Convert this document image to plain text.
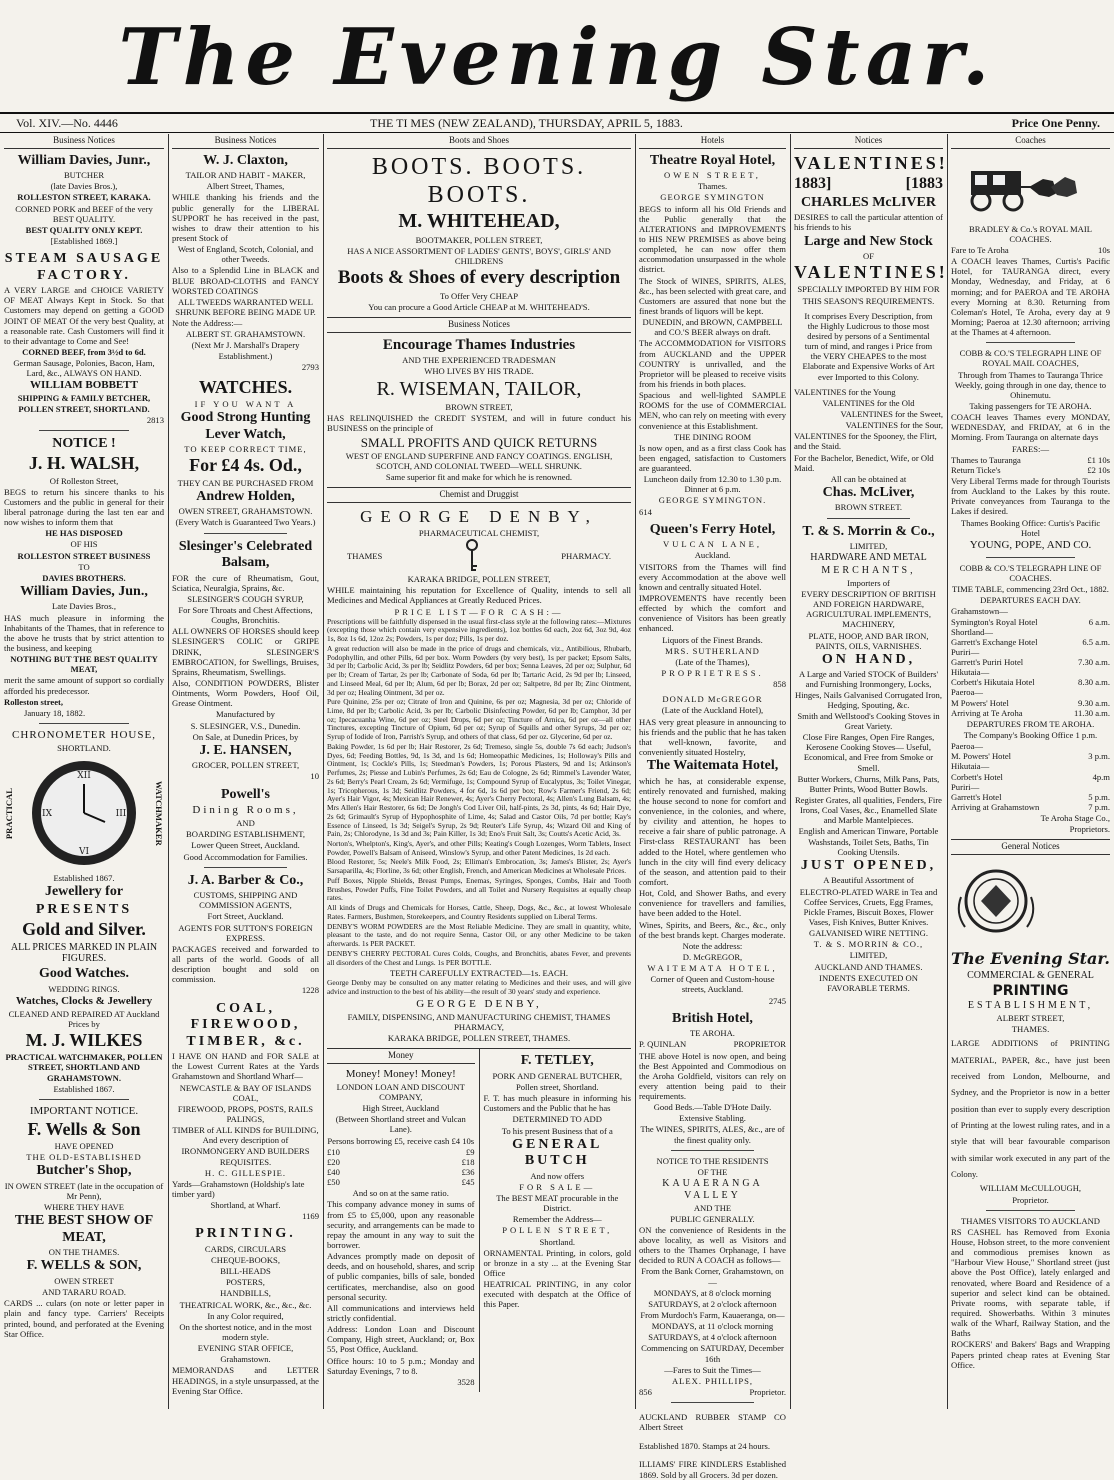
The Evening Star.
Vol. XIV.—No. 4446	THE TI MES (NEW ZEALAND), THURSDAY, APRIL 5, 1883.	Price One Penny.
Business Notices

William Davies, Junr.,

BUTCHER

(late Davies Bros.),

ROLLESTON STREET, KARAKA.

CORNED PORK and BEEF of the very BEST QUALITY.

BEST QUALITY ONLY KEPT.

[Established 1869.]

STEAM SAUSAGE FACTORY.

A VERY LARGE and CHOICE VARIETY OF MEAT Always Kept in Stock. So that Customers may depend on getting a GOOD JOINT OF MEAT Of the very best Quality, at a reasonable rate. Cash Customers will find it to their advantage to Come and See!

CORNED BEEF, from 3½d to 6d.

German Sausage, Polonies, Bacon, Ham, Lard, &c., ALWAYS ON HAND.

WILLIAM BOBBETT

SHIPPING & FAMILY BETCHER, POLLEN STREET, SHORTLAND.

2813

NOTICE !

J. H. WALSH,

Of Rolleston Street,

BEGS to return his sincere thanks to his Customers and the public in general for their liberal patronage during the last ten ear and now wishes to inform them that

HE HAS DISPOSED

OF HIS

ROLLESTON STREET BUSINESS

TO

DAVIES BROTHERS.

William Davies, Jun.,

Late Davies Bros.,

HAS much pleasure in informing the Inhabitants of the Thames, that in reference to the above he trusts that by strict attention to the business, and keeping

NOTHING BUT THE BEST QUALITY MEAT,

merit the same amount of support so cordially afforded his predecessor.

Rolleston street,

January 18, 1882.

CHRONOMETER HOUSE,

SHORTLAND.

PRACTICAL
XII
III
VI
IX	WATCHMAKER

Established 1867.

Jewellery for

PRESENTS

Gold and Silver.

ALL PRICES MARKED IN PLAIN FIGURES.

Good Watches.

WEDDING RINGS.

Watches, Clocks & Jewellery

CLEANED AND REPAIRED AT Auckland Prices by

M. J. WILKES

PRACTICAL WATCHMAKER, POLLEN STREET, SHORTLAND AND GRAHAMSTOWN.

Established 1867.

IMPORTANT NOTICE.

F. Wells & Son

HAVE OPENED

THE OLD-ESTABLISHED

Butcher's Shop,

IN OWEN STREET (late in the occupation of Mr Penn),

WHERE THEY HAVE

THE BEST SHOW OF MEAT,

ON THE THAMES.

F. WELLS & SON,

OWEN STREET

AND TARARU ROAD.

CARDS ... culars (on note or letter paper in plain and fancy type. Carriers' Receipts printed, bound, and perforated at the Evening Star Office.

Business Notices

W. J. Claxton,

TAILOR AND HABIT - MAKER,

Albert Street, Thames,

WHILE thanking his friends and the public generally for the LIBERAL SUPPORT he has received in the past, wishes to draw their attention to his present Stock of

West of England, Scotch, Colonial, and other Tweeds.

Also to a Splendid Line in BLACK and BLUE BROAD-CLOTHS and FANCY WORSTED COATINGS

ALL TWEEDS WARRANTED WELL SHRUNK BEFORE BEING MADE UP.

Note the Address:—

ALBERT ST. GRAHAMSTOWN.

(Next Mr J. Marshall's Drapery Establishment.)

2793

WATCHES.

IF YOU WANT A

Good Strong Hunting Lever Watch,

TO KEEP CORRECT TIME,

For £4 4s. Od.,

THEY CAN BE PURCHASED FROM

Andrew Holden,

OWEN STREET, GRAHAMSTOWN.

(Every Watch is Guaranteed Two Years.)

Slesinger's Celebrated Balsam,

FOR the cure of Rheumatism, Gout, Sciatica, Neuralgia, Sprains, &c.

SLESINGER'S COUGH SYRUP,

For Sore Throats and Chest Affections, Coughs, Bronchitis.

ALL OWNERS OF HORSES should keep SLESINGER'S COLIC or GRIPE DRINK, SLESINGER'S EMBROCATION, for Swellings, Bruises, Sprains, Rheumatism, Swellings.

Also, CONDITION POWDERS, Blister Ointments, Worm Powders, Hoof Oil, Grease Ointment.

Manufactured by

S. SLESINGER, V.S., Dunedin.

On Sale, at Dunedin Prices, by

J. E. HANSEN,

GROCER, POLLEN STREET,

10

Powell's

Dining Rooms,

AND

BOARDING ESTABLISHMENT,

Lower Queen Street, Auckland.

Good Accommodation for Families.

J. A. Barber & Co.,

CUSTOMS, SHIPPING AND COMMISSION AGENTS,

Fort Street, Auckland.

AGENTS FOR SUTTON'S FOREIGN EXPRESS.

PACKAGES received and forwarded to all parts of the world. Goods of all description bought and sold on commission.

1228

COAL, FIREWOOD, TIMBER, &c.

I HAVE ON HAND and FOR SALE at the Lowest Current Rates at the Yards Grahamstown and Shortland Wharf—

NEWCASTLE & BAY OF ISLANDS COAL,

FIREWOOD, PROPS, POSTS, RAILS PALINGS,

TIMBER of ALL KINDS for BUILDING, And every description of

IRONMONGERY AND BUILDERS REQUISITES.

H. C. GILLESPIE.

Yards—Grahamstown (Holdship's late timber yard)

Shortland, at Wharf.

1169

PRINTING.

CARDS, CIRCULARS

CHEQUE-BOOKS,

BILL-HEADS

POSTERS,

HANDBILLS,

THEATRICAL WORK, &c., &c., &c.

In any Color required,

On the shortest notice, and in the most modern style.

EVENING STAR OFFICE,

Grahamstown.

MEMORANDAS and LETTER HEADINGS, in a style unsurpassed, at the Evening Star Office.

Boots and Shoes

BOOTS. BOOTS. BOOTS.

M. WHITEHEAD,

BOOTMAKER, POLLEN STREET,

HAS A NICE ASSORTMENT OF LADIES' GENTS', BOYS', GIRLS' AND CHILDRENS

Boots & Shoes of every description

To Offer Very CHEAP

You can procure a Good Article CHEAP at M. WHITEHEAD'S.

Business Notices

Encourage Thames Industries

AND THE EXPERIENCED TRADESMAN

WHO LIVES BY HIS TRADE.

R. WISEMAN, TAILOR,

BROWN STREET,

HAS RELINQUISHED the CREDIT SYSTEM, and will in future conduct his BUSINESS on the principle of

SMALL PROFITS AND QUICK RETURNS

WEST OF ENGLAND SUPERFINE AND FANCY COATINGS. ENGLISH, SCOTCH, AND COLONIAL TWEED—WELL SHRUNK.

Same superior fit and make for which he is renowned.

Chemist and Druggist

GEORGE DENBY,

PHARMACEUTICAL CHEMIST,

THAMES	PHARMACY.

KARAKA BRIDGE, POLLEN STREET,

WHILE maintaining his reputation for Excellence of Quality, intends to sell all Medicines and Medical Appliances at Greatly Reduced Prices.

PRICE LIST—FOR CASH:—

Prescriptions will be faithfully dispensed in the usual first-class style at the following rates:—Mixtures (excepting those which contain very expensive ingredients), 1oz bottles 6d each, 2oz 6d, 3oz 9d, 4oz 1s, 8oz 1s 6d, 12oz 2s; Powders, 1s per doz; Pills, 1s per doz.

A great reduction will also be made in the price of drugs and chemicals, viz., Antibilious, Rhubarb, Podophyllin, and other Pills, 6d per box. Worm Powders (by very best), 1s per packet; Epsom Salts, 3d per lb; Carbolic Acid, 3s per lb; Seidlitz Powders, 6d per box; Senna Leaves, 2d per oz; Sulphur, 6d per lb; Cream of Tartar, 2s per lb; Carbonate of Soda, 6d per lb; Tartaric Acid, 2s 9d per lb; Linseed, and Linseed Meal, 6d per lb; Alum, 6d per lb; Borax, 2d per oz; Saltpetre, 8d per lb; Zinc Ointment, 3d per oz; Healing Ointment, 3d per oz.

Pure Quinine, 25s per oz; Citrate of Iron and Quinine, 6s per oz; Magnesia, 3d per oz; Chloride of Lime, 8d per lb; Carbolic Acid, 3s per lb; Carbolic Disinfecting Powder, 6d per lb; Camphor, 3d per oz; Ipecacuanha Wine, 6d per oz; Steel Drops, 6d per oz; Tincture of Arnica, 6d per oz—all other Tinctures, excepting Tincture of Opium, 6d per oz; Syrup of Squills and other Syrups, 3d per oz; Syrup of Iodide of Iron, Parrish's Syrup, and others of that class, 6d per oz. Glycerine, 6d per oz.

Baking Powder, 1s 6d per lb; Hair Restorer, 2s 6d; Tremeso, single 5s, double 7s 6d each; Judson's Dyes, 6d; Feeding Bottles, 9d, 1s 3d, and 1s 6d; Homeopathic Medicines, 1s; Holloway's Pills and Ointment, 1s; Cockle's Pills, 1s; Steedman's Powders, 1s; Porous Plasters, 9d and 1s; Atkinson's Perfumes, 2s; Piesse and Lubin's Perfumes, 2s 6d; Eau de Cologne, 2s 6d; Rimmel's Lavender Water, 2s 6d; Berry's Pearl Cream, 2s 6d; Vermifuge, 1s; Compound Syrup of Eucalyptus, 3s; Toilet Vinegar, 1s; Tricopherous, 1s 3d; Seidlitz Powders, 4 for 6d, 1s 6d per box; Row's Farmer's Friend, 2s 6d; Ayer's Hair Vigor, 4s; Mexican Hair Renewer, 4s; Ayer's Cherry Pectoral, 4s; Allen's Lung Balsam, 4s; Mrs Allen's Hair Restorer, 6s 6d; De Jongh's Cod Liver Oil, half-pints, 2s 3d, pints, 4s 6d; Hair Dye, 2s 6d; Grimault's Syrup of Hypophosphite of Lime, 4s; Salad and Castor Oils, 7d per bottle; Kay's Essence of Linseed, 1s 3d; Seigel's Syrup, 2s 9d; Reuter's Life Syrup, 4s; Wizard Oil and King of Pain, 2s; Chlorodyne, 1s 3d and 3s; Pain Killer, 1s 3d; Eno's Fruit Salt, 3s; Coutts's Acetic Acid, 3s.

Norton's, Whelpton's, King's, Ayer's, and other Pills; Keating's Cough Lozenges, Worm Tablets, Insect Powder, Powell's Balsam of Aniseed, Winslow's Syrup, and other Patent Medicines, 1s 2d each.

Blood Restorer, 5s; Neele's Milk Food, 2s; Elliman's Embrocation, 3s; James's Blister, 2s; Ayer's Sarsaparilla, 4s; Florline, 3s 6d; other English, French, and American Medicines at Wholesale Prices.

Puff Boxes, Nipple Shields, Breast Pumps, Enemas, Syringes, Sponges, Combs, Hair and Tooth Brushes, Powder Puffs, Fine Toilet Powders, and all Toilet and Nursery Requisites at equally cheap rates.

All kinds of Drugs and Chemicals for Horses, Cattle, Sheep, Dogs, &c., &c., at lowest Wholesale Rates. Farmers, Bushmen, Storekeepers, and Country Residents supplied on Liberal Terms.

DENBY'S WORM POWDERS are the Most Reliable Medicine. They are small in quantity, white, pleasant to the taste, and do not require Senna, Castor Oil, or any other Medicine to be taken afterwards. 1s PER PACKET.

DENBY'S CHERRY PECTORAL Cures Colds, Coughs, and Bronchitis, abates Fever, and prevents all disorders of the Chest and Lungs. 1s PER BOTTLE.

TEETH CAREFULLY EXTRACTED—1s. EACH.

George Denby may be consulted on any matter relating to Medicines and their uses, and will give advice and instruction to the best of his ability—the result of 30 years' study and experience.

GEORGE DENBY,

FAMILY, DISPENSING, AND MANUFACTURING CHEMIST, THAMES PHARMACY,

KARAKA BRIDGE, POLLEN STREET, THAMES.

Money

Money! Money! Money!

LONDON LOAN AND DISCOUNT COMPANY,

High Street, Auckland

(Between Shortland street and Vulcan Lane).

Persons borrowing £5, receive cash £4 10s

£10	£9
£20	£18
£40	£36
£50	£45

And so on at the same ratio.

This company advance money in sums of from £5 to £5,000, upon any reasonable security, and arrangements can be made to repay the amount in any way to suit the borrower.

Advances promptly made on deposit of deeds, and on household, shares, and scrip of public companies, bills of sale, bonded certificates, merchandise, also on good personal security.

All communications and interviews held strictly confidential.

Address: London Loan and Discount Company, High street, Auckland; or, Box 55, Post Office, Auckland.

Office hours: 10 to 5 p.m.; Monday and Saturday Evenings, 7 to 8.

3528

F. TETLEY,

PORK AND GENERAL BUTCHER,

Pollen street, Shortland.

F. T. has much pleasure in informing his Customers and the Public that he has

DETERMINED TO ADD

To his present Business that of a

GENERAL BUTCH

And now offers

FOR SALE—

The BEST MEAT procurable in the District.

Remember the Address—

POLLEN STREET,

Shortland.

ORNAMENTAL Printing, in colors, gold or bronze in a sty ... at the Evening Star Office

HEATRICAL PRINTING, in any color executed with despatch at the Office of this Paper.

Hotels

Theatre Royal Hotel,

OWEN STREET,

Thames.

GEORGE SYMINGTON

BEGS to inform all his Old Friends and the Public generally that the ALTERATIONS and IMPROVEMENTS to HIS NEW PREMISES as above being completed, he can now offer them accommodation unsurpassed in the whole district.

The Stock of WINES, SPIRITS, ALES, &c., has been selected with great care, and Customers are assured that none but the finest brands of liquors will be kept.

DUNEDIN, and BROWN, CAMPBELL and CO.'S BEER always on draft.

The ACCOMMODATION for VISITORS from AUCKLAND and the UPPER COUNTRY is unrivalled, and the Proprietor will be pleased to receive visits from his friends in both places.

Spacious and well-lighted SAMPLE ROOMS for the use of COMMERCIAL MEN, who can rely on meeting with every convenience at this Establishment.

THE DINING ROOM

Is now open, and as a first class Cook has been engaged, satisfaction to Customers are guaranteed.

Luncheon daily from 12.30 to 1.30 p.m. Dinner at 6 p.m.

GEORGE SYMINGTON.

614

Queen's Ferry Hotel,

VULCAN LANE,

Auckland.

VISITORS from the Thames will find every Accommodation at the above well known and centrally situated Hotel.

IMPROVEMENTS have recently been effected by which the comfort and convenience of Visitors has been greatly enhanced.

Liquors of the Finest Brands.

MRS. SUTHERLAND

(Late of the Thames),

PROPRIETRESS.

858

DONALD McGREGOR

(Late of the Auckland Hotel),

HAS very great pleasure in announcing to his friends and the public that he has taken that well-known, favorite, and conveniently situated Hostelry,

The Waitemata Hotel,

which he has, at considerable expense, entirely renovated and furnished, making the house second to none for comfort and convenience, in the colonies, and where, by civility and attention, he hopes to receive a fair share of public patronage. A First-class RESTAURANT has been added to the Hotel, where gentlemen who lunch in the city will find every delicacy of the season, and attention paid to their comfort.

Hot, Cold, and Shower Baths, and every convenience for travellers and families, have been added to the Hotel.

Wines, Spirits, and Beers, &c., &c., only of the best brands kept. Charges moderate.

Note the address:

D. McGREGOR,

WAITEMATA HOTEL,

Corner of Queen and Custom-house streets, Auckland.

2745

British Hotel,

TE AROHA.

P. QUINLAN	PROPRIETOR

THE above Hotel is now open, and being the Best Appointed and Commodious on the Aroha Goldfield, visitors can rely on every attention being paid to their requirements.

Good Beds.—Table D'Hote Daily.

Extensive Stabling.

The WINES, SPIRITS, ALES, &c., are of the finest quality only.

NOTICE TO THE RESIDENTS

OF THE

KAUAERANGA VALLEY

AND THE

PUBLIC GENERALLY.

ON the convenience of Residents in the above locality, as well as Visitors and others to the Thames Orphanage, I have decided to RUN A COACH as follows—

From the Bank Corner, Grahamstown, on—

MONDAYS, at 8 o'clock morning

SATURDAYS, at 2 o'clock afternoon

From Murdoch's Farm, Kauaeranga, on—

MONDAYS, at 11 o'clock morning

SATURDAYS, at 4 o'clock afternoon

Commencing on SATURDAY, December 16th

—Fares to Suit the Times—

ALEX. PHILLIPS,

856	Proprietor.

AUCKLAND RUBBER STAMP CO Albert Street

Established 1870. Stamps at 24 hours.

ILLIAMS' FIRE KINDLERS Established 1869. Sold by all Grocers. 3d per dozen.

Notices

VALENTINES!

1883]	[1883

CHARLES McLIVER

DESIRES to call the particular attention of his friends to his

Large and New Stock

OF

VALENTINES!

SPECIALLY IMPORTED BY HIM FOR

THIS SEASON'S REQUIREMENTS.

It comprises Every Description, from the Highly Ludicrous to those most desired by persons of a Sentimental turn of mind, and ranges i Price from the VERY CHEAPES to the most Elaborate and Expensive Works of Art ever Imported to this Colony.

VALENTINES for the Young

VALENTINES for the Old

VALENTINES for the Sweet,

VALENTINES for the Sour,

VALENTINES for the Spooney, the Flirt, and the Staid.

For the Bachelor, Benedict, Wife, or Old Maid.

All can be obtained at

Chas. McLiver,

BROWN STREET.

T. & S. Morrin & Co.,

LIMITED,

HARDWARE AND METAL

MERCHANTS,

Importers of

EVERY DESCRIPTION OF BRITISH AND FOREIGN HARDWARE, AGRICULTURAL IMPLEMENTS, MACHINERY,

PLATE, HOOP, AND BAR IRON, PAINTS, OILS, VARNISHES.

ON HAND,

A Large and Varied STOCK of Builders' and Furnishing Ironmongery, Locks, Hinges, Nails Galvanised Corrugated Iron, Hedging, Spouting, &c.

Smith and Wellstood's Cooking Stoves in Great Variety.

Close Fire Ranges, Open Fire Ranges, Kerosene Cooking Stoves— Useful, Economical, and Free from Smoke or Smell.

Butter Workers, Churns, Milk Pans, Pats, Butter Prints, Wood Butter Bowls.

Register Grates, all qualities, Fenders, Fire Irons, Coal Vases, &c., Enamelled Slate and Marble Mantelpieces.

English and American Tinware, Portable Washstands, Toilet Sets, Baths, Tin Cooking Utensils.

JUST OPENED,

A Beautiful Assortment of

ELECTRO-PLATED WARE in Tea and Coffee Services, Cruets, Egg Frames, Pickle Frames, Biscuit Boxes, Flower Vases, Fish Knives, Butter Knives.

GALVANISED WIRE NETTING.

T. & S. MORRIN & CO.,

LIMITED,

AUCKLAND AND THAMES.

INDENTS EXECUTED ON FAVORABLE TERMS.

Coaches

BRADLEY & Co.'s ROYAL MAIL COACHES.

Fare to Te Aroha	10s

A COACH leaves Thames, Curtis's Pacific Hotel, for TAURANGA direct, every Monday, Wednesday, and Friday, at 6 morning; and for PAEROA and TE AROHA every Morning at 8.30. Returning from Coleman's Hotel, Te Aroha, every day at 9 Morning; Paeroa at 12.30 afternoon; arriving at the Thames at 4 afternoon.

COBB & CO.'S TELEGRAPH LINE OF ROYAL MAIL COACHES,

Through from Thames to Tauranga Thrice Weekly, going through in one day, thence to Ohinemutu.

Taking passengers for TE AROHA.

COACH leaves Thames every MONDAY, WEDNESDAY, and FRIDAY, at 6 in the Morning. From Tauranga on alternate days

FARES:—

Thames to Tauranga	£1 10s
Return Ticke's	£2 10s

Very Liberal Terms made for through Tourists from Auckland to the Lakes by this route. Private conveyances from Tauranga to the Lakes if desired.

Thames Booking Office: Curtis's Pacific Hotel

YOUNG, POPE, AND CO.

COBB & CO.'S TELEGRAPH LINE OF COACHES.

TIME TABLE, commencing 23rd Oct., 1882.

DEPARTURES EACH DAY.

Grahamstown—
Symington's Royal Hotel	6 a.m.
Shortland—
Garrett's Exchange Hotel	6.5 a.m.
Puriri—
Garrett's Puriri Hotel	7.30 a.m.
Hikutaia—
Corbett's Hikutaia Hotel	8.30 a.m.
Paeroa—
M Powers' Hotel	9.30 a.m.
Arriving at Te Aroha	11.30 a.m.

DEPARTURES FROM TE AROHA.

The Company's Booking Office 1 p.m.

Paeroa—
M. Powers' Hotel	3 p.m.
Hikutaia—
Corbett's Hotel	4p.m
Puriri—
Garrett's Hotel	5 p.m.
Arriving at Grahamstown	7 p.m.

Te Aroha Stage Co.,

Proprietors.

General Notices

The Evening Star.

COMMERCIAL & GENERAL

PRINTING

ESTABLISHMENT,

ALBERT STREET,

THAMES.

LARGE ADDITIONS of PRINTING MATERIAL, PAPER, &c., have just been received from London, Melbourne, and Sydney, and the Proprietor is now in a better position than ever to supply every description of Printing at the lowest ruling rates, and in a style that will bear favourable comparison with similar work executed in any part of the Colony.

WILLIAM McCULLOUGH,

Proprietor.

THAMES VISITORS TO AUCKLAND

RS CASHEL has Removed from Exonia House, Hobson street, to the more convenient and commodious premises known as "Harbour View House," Shortland street (just above the Post Office), lately enlarged and renovated, where Board and Residence of a superior and select kind can be obtained. Private rooms, with separate table, if required. Showerbaths. Within 3 minutes walk of the Wharf, Railway Station, and the Baths

ROCKERS' and Bakers' Bags and Wrapping Papers printed cheap rates at Evening Star Office.
